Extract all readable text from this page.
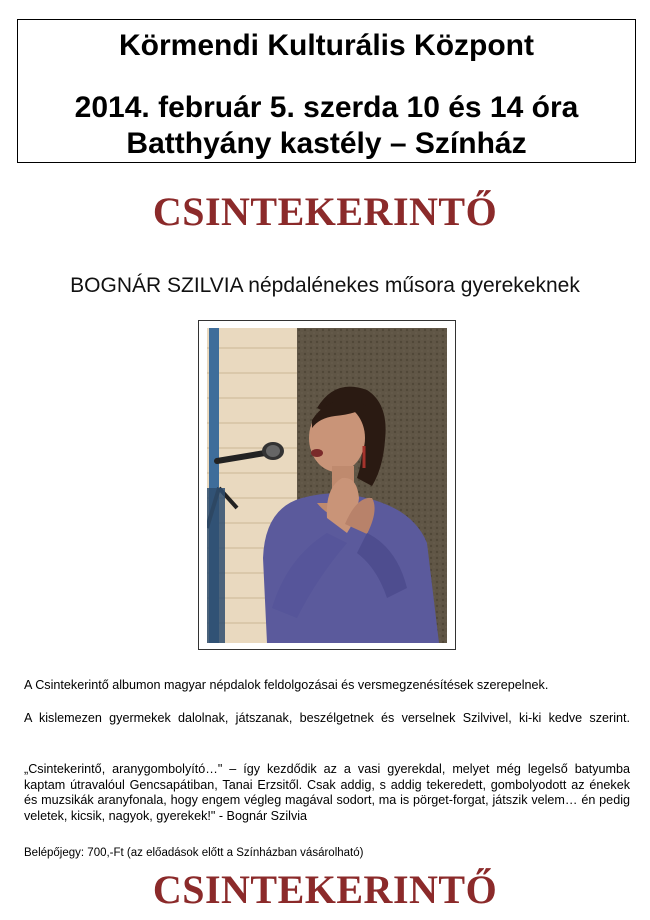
Körmendi Kulturális Központ
2014. február 5. szerda 10 és 14 óra
Batthyány kastély – Színház
CSINTEKERINTŐ
BOGNÁR SZILVIA népdalénekes műsora gyerekeknek
A Csintekerintő albumon magyar népdalok feldolgozásai és versmegzenésítések szerepelnek.
A kislemezen gyermekek dalolnak, játszanak, beszélgetnek és verselnek Szilvivel, ki-ki kedve szerint.
„Csintekerintő, aranygombolyító…" – így kezdődik az a vasi gyerekdal, melyet még legelső batyumba kaptam útravalóul Gencsapátiban, Tanai Erzsitől. Csak addig, s addig tekeredett, gombolyodott az énekek és muzsikák aranyfonala, hogy engem végleg magával sodort, ma is pörget-forgat, játszik velem… én pedig veletek, kicsik, nagyok, gyerekek!" - Bognár Szilvia
Belépőjegy: 700,-Ft (az előadások előtt a Színházban vásárolható)
CSINTEKERINTŐ
